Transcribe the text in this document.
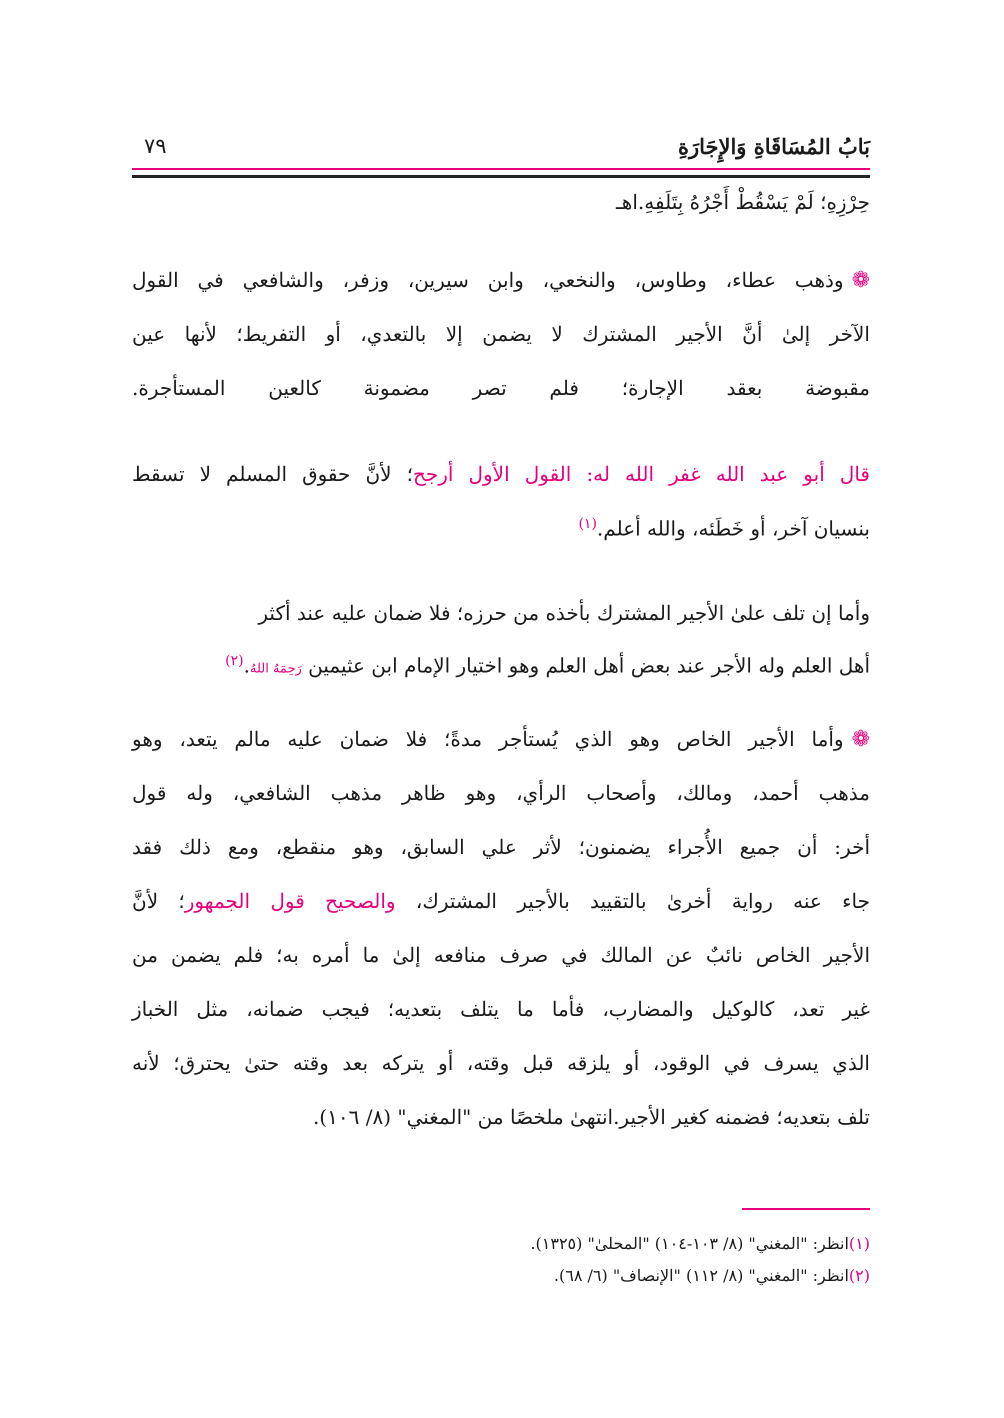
بَابُ المُسَاقَاةِ وَالإِجَارَةِ
٧٩
حِرْزِهِ؛ لَمْ يَسْقُطْ أَجْرُهُ بِتَلَفِهِ.اهـ
❁وذهب عطاء، وطاوس، والنخعي، وابن سيرين، وزفر، والشافعي في القول
الآخر إلىٰ أنَّ الأجير المشترك لا يضمن إلا بالتعدي، أو التفريط؛ لأنها عين
مقبوضة بعقد الإجارة؛ فلم تصر مضمونة كالعين المستأجرة.
قال أبو عبد الله غفر الله له: القول الأول أرجح؛ لأنَّ حقوق المسلم لا تسقط
بنسيان آخر، أو خَطَئه، والله أعلم.$^{(١)}$
وأما إن تلف علىٰ الأجير المشترك بأخذه من حرزه؛ فلا ضمان عليه عند أكثر
أهل العلم وله الأجر عند بعض أهل العلم وهو اختيار الإمام ابن عثيمين رَحِمَهُ اللهُ.$^{(٢)}$
❁وأما الأجير الخاص وهو الذي يُستأجر مدةً؛ فلا ضمان عليه مالم يتعد، وهو
مذهب أحمد، ومالك، وأصحاب الرأي، وهو ظاهر مذهب الشافعي، وله قول
أخر: أن جميع الأُجراء يضمنون؛ لأثر علي السابق، وهو منقطع، ومع ذلك فقد
جاء عنه رواية أخرىٰ بالتقييد بالأجير المشترك، والصحيح قول الجمهور؛ لأنَّ
الأجير الخاص نائبٌ عن المالك في صرف منافعه إلىٰ ما أمره به؛ فلم يضمن من
غير تعد، كالوكيل والمضارب، فأما ما يتلف بتعديه؛ فيجب ضمانه، مثل الخباز
الذي يسرف في الوقود، أو يلزقه قبل وقته، أو يتركه بعد وقته حتىٰ يحترق؛ لأنه
تلف بتعديه؛ فضمنه كغير الأجير.انتهىٰ ملخصًا من "المغني" (٨/ ١٠٦).
(١)انظر: "المغني" (٨/ ١٠٣-١٠٤) "المحلىٰ" (١٣٢٥).
(٢)انظر: "المغني" (٨/ ١١٢) "الإنصاف" (٦/ ٦٨).
